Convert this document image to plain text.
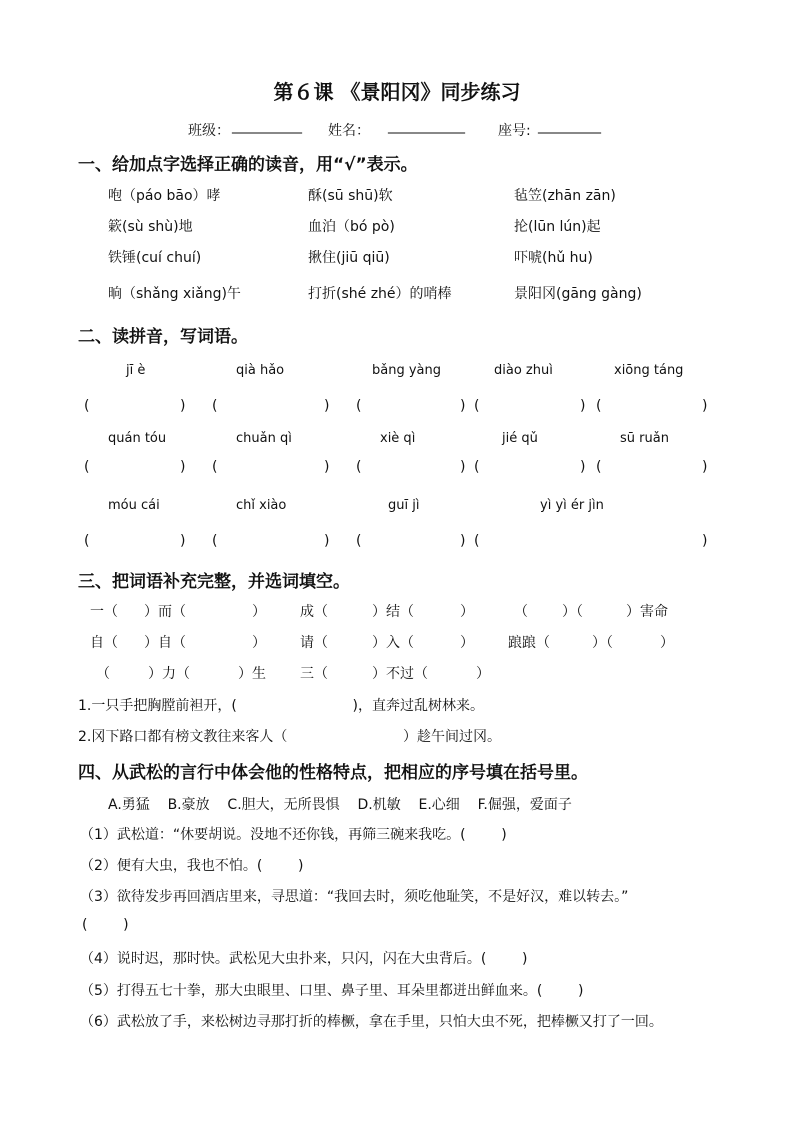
第６课 《景阳冈》同步练习
班级： __________ 姓名： ___________ 座号: _________
一、给加点字选择正确的读音，用“√”表示。
咆（páo bāo）哮	酥(sū shū)软	毡笠(zhān zān)
簌(sù shù)地	血泊（bó pò)	抡(lūn lún)起
铁锤(cuí chuí)	揪住(jiū qiū)	吓唬(hǔ hu)
晌（shǎng xiǎng)午	打折(shé zhé）的哨棒	景阳冈(gāng gàng)
二、读拼音，写词语。
jī è	qià hǎo	bǎng yàng	diào zhuì	xiōng táng
(	) (	) (	) (	) (	)
quán tóu	chuǎn qì	xiè qì	jié qǔ	sū ruǎn
(	) (	) (	) (	) (	)
móu cái	chǐ xiào	guī jì	yì yì ér jìn
(	) (	) (	) (	)
三、把词语补充完整，并选词填空。
一（ ）而（	） 成（	）结（	）	（ ）（	）害命
自（ ）自（	） 请（	）入（	） 踉踉（	）（	）
（	）力（	）生 三（	）不过（	）
1.一只手把胸膛前袒开，(                          )，直奔过乱树林来。
2.冈下路口都有榜文教往来客人（                          ）趁午间过冈。
四、从武松的言行中体会他的性格特点，把相应的序号填在括号里。
A.勇猛    B.豪放    C.胆大，无所畏惧    D.机敏    E.心细    F.倔强，爱面子
（1）武松道：“休要胡说。没地不还你钱，再筛三碗来我吃。(        )
（2）便有大虫，我也不怕。(        )
（3）欲待发步再回酒店里来，寻思道：“我回去时，须吃他耻笑，不是好汉，难以转去。”
(        )
（4）说时迟，那时快。武松见大虫扑来，只闪，闪在大虫背后。(        )
（5）打得五七十拳，那大虫眼里、口里、鼻子里、耳朵里都迸出鲜血来。(        )
（6）武松放了手，来松树边寻那打折的棒橛，拿在手里，只怕大虫不死，把棒橛又打了一回。
